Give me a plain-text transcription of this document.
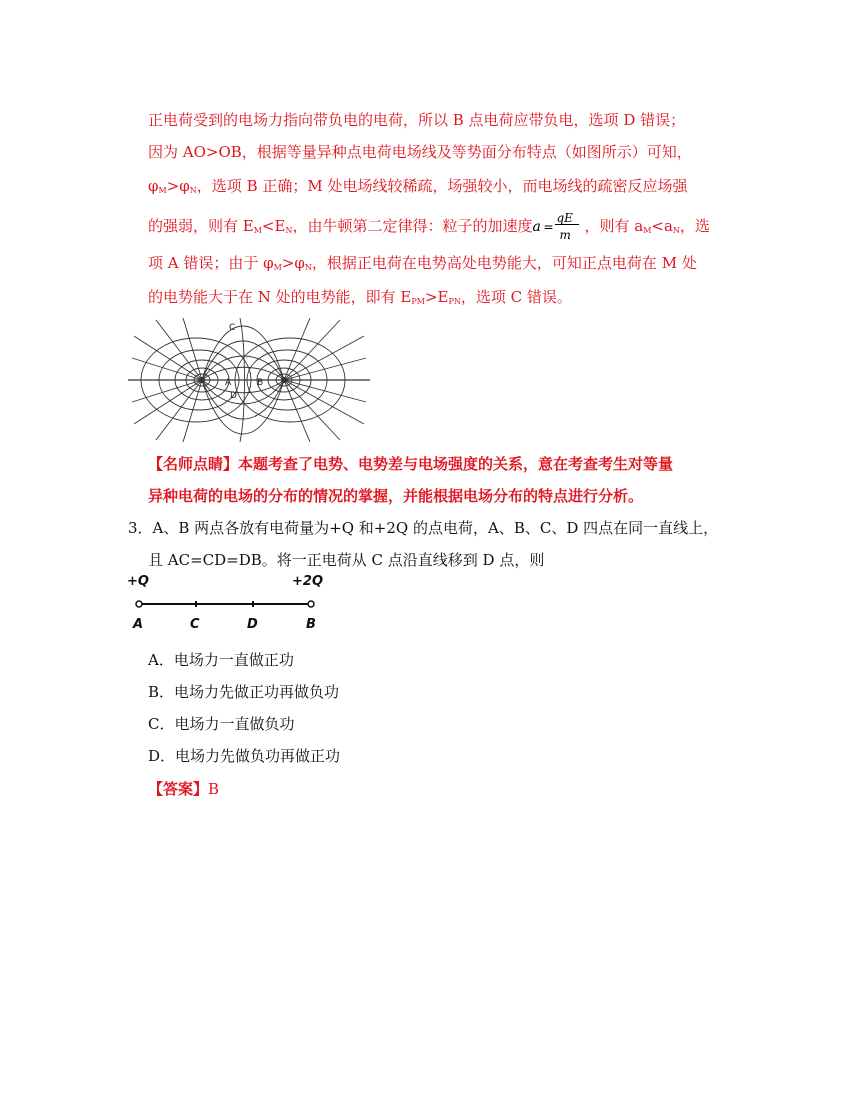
正电荷受到的电场力指向带负电的电荷，所以 B 点电荷应带负电，选项 D 错误；
因为 AO>OB，根据等量异种点电荷电场线及等势面分布特点（如图所示）可知，
$\varphi_M>\varphi_N$，选项 B 正确；M 处电场线较稀疏，场强较小，而电场线的疏密反应场强
的强弱，则有 $E_M<E_N$，由牛顿第二定律得：粒子的加速度 a =
qE
m ，则有 $a_M<a_N$，选
项 A 错误；由于 $\varphi_M>\varphi_N$，根据正电荷在电势高处电势能大，可知正点电荷在 M 处
的电势能大于在 N 处的电势能，即有 $E_{PM}>E_{PN}$，选项 C 错误。
C
A	B
D
【名师点睛】本题考查了电势、电势差与电场强度的关系，意在考查考生对等量
异种电荷的电场的分布的情况的掌握，并能根据电场分布的特点进行分析。
3．A、B 两点各放有电荷量为+Q 和+2Q 的点电荷，A、B、C、D 四点在同一直线上，
且 AC=CD=DB。将一正电荷从 C 点沿直线移到 D 点，则
+Q	+2Q
A	C	D	B
A．电场力一直做正功
B．电场力先做正功再做负功
C．电场力一直做负功
D．电场力先做负功再做正功
【答案】B
